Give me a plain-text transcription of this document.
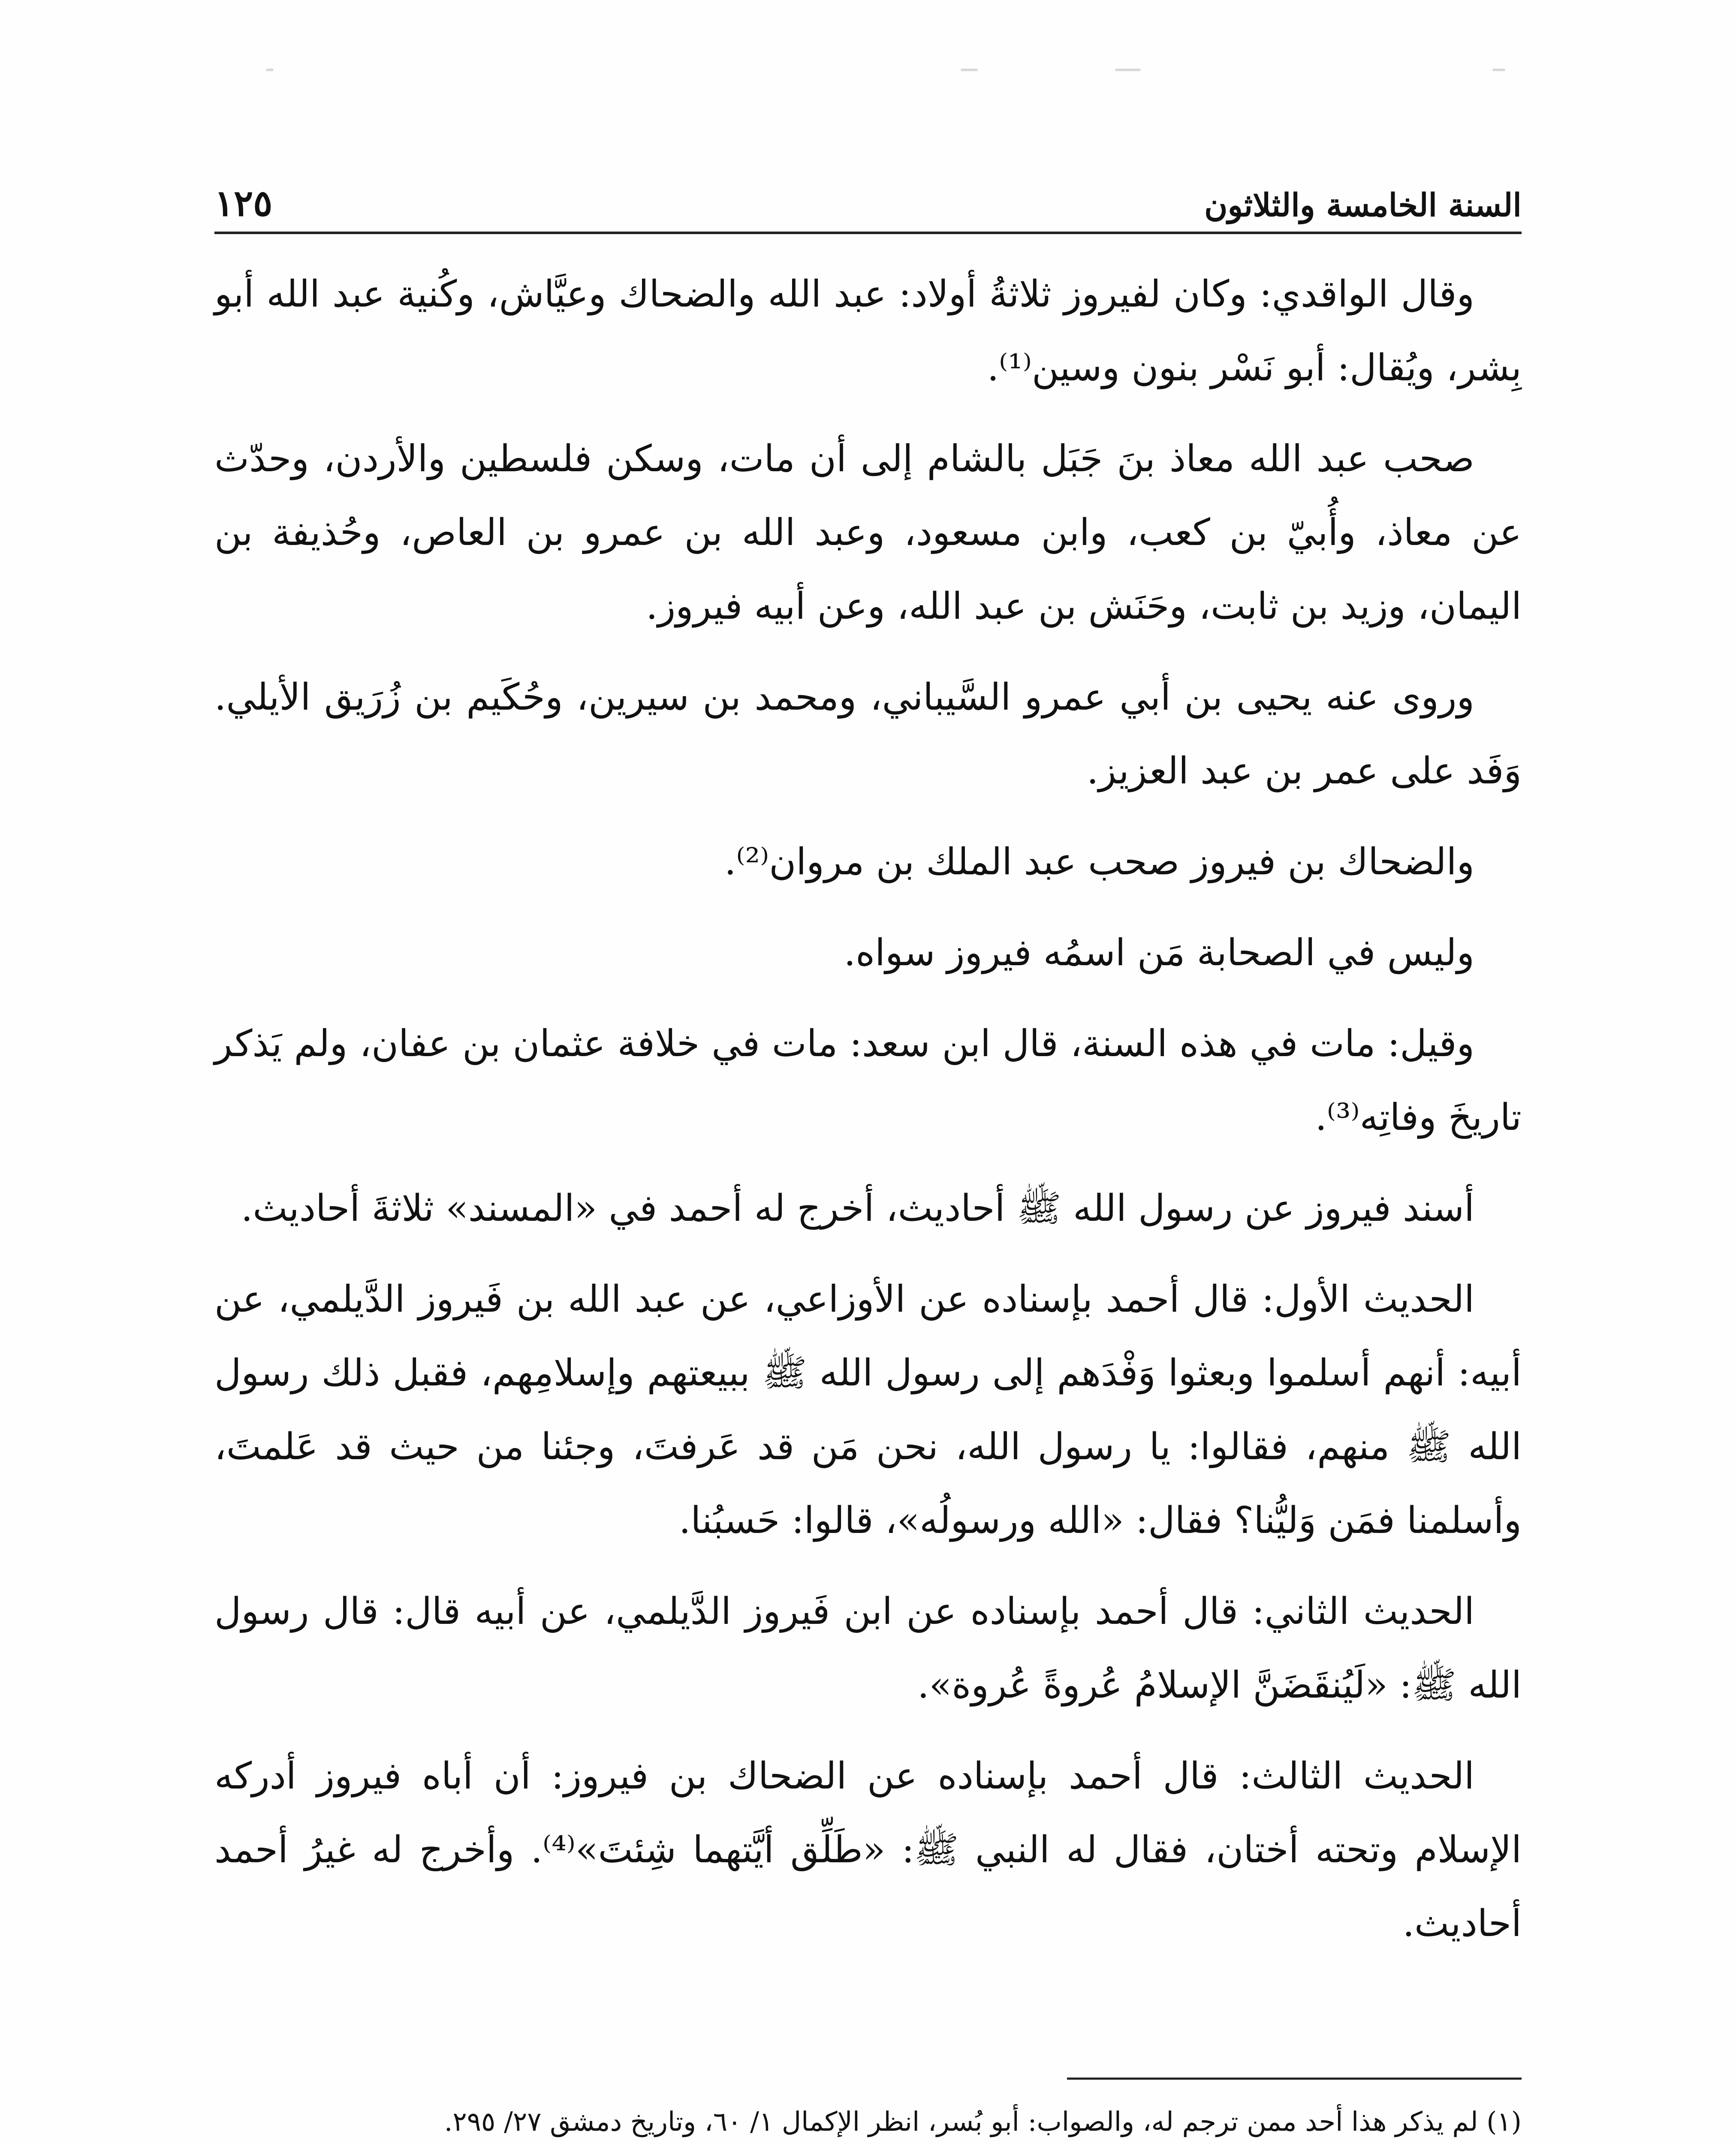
السنة الخامسة والثلاثون
١٢٥

وقال الواقدي: وكان لفيروز ثلاثةُ أولاد: عبد الله والضحاك وعيَّاش، وكُنية عبد الله أبو بِشر، ويُقال: أبو نَسْر بنون وسين⁽¹⁾.

صحب عبد الله معاذ بنَ جَبَل بالشام إلى أن مات، وسكن فلسطين والأردن، وحدّث عن معاذ، وأُبيّ بن كعب، وابن مسعود، وعبد الله بن عمرو بن العاص، وحُذيفة بن اليمان، وزيد بن ثابت، وحَنَش بن عبد الله، وعن أبيه فيروز.

وروى عنه يحيى بن أبي عمرو السَّيباني، ومحمد بن سيرين، وحُكَيم بن زُرَيق الأيلي. وَفَد على عمر بن عبد العزيز.

والضحاك بن فيروز صحب عبد الملك بن مروان⁽²⁾.

وليس في الصحابة مَن اسمُه فيروز سواه.

وقيل: مات في هذه السنة، قال ابن سعد: مات في خلافة عثمان بن عفان، ولم يَذكر تاريخَ وفاتِه⁽³⁾.

أسند فيروز عن رسول الله ﷺ أحاديث، أخرج له أحمد في «المسند» ثلاثةَ أحاديث.

الحديث الأول: قال أحمد بإسناده عن الأوزاعي، عن عبد الله بن فَيروز الدَّيلمي، عن أبيه: أنهم أسلموا وبعثوا وَفْدَهم إلى رسول الله ﷺ ببيعتهم وإسلامِهم، فقبل ذلك رسول الله ﷺ منهم، فقالوا: يا رسول الله، نحن مَن قد عَرفتَ، وجئنا من حيث قد عَلمتَ، وأسلمنا فمَن وَليُّنا؟ فقال: «الله ورسولُه»، قالوا: حَسبُنا.

الحديث الثاني: قال أحمد بإسناده عن ابن فَيروز الدَّيلمي، عن أبيه قال: قال رسول الله ﷺ: «لَيُنقَضَنَّ الإسلامُ عُروةً عُروة».

الحديث الثالث: قال أحمد بإسناده عن الضحاك بن فيروز: أن أباه فيروز أدركه الإسلام وتحته أختان، فقال له النبي ﷺ: «طَلِّق أيَّتهما شِئتَ»⁽⁴⁾. وأخرج له غيرُ أحمد أحاديث.

(١) لم يذكر هذا أحد ممن ترجم له، والصواب: أبو بُسر، انظر الإكمال ١/ ٦٠، وتاريخ دمشق ٢٧/ ٢٩٥.
